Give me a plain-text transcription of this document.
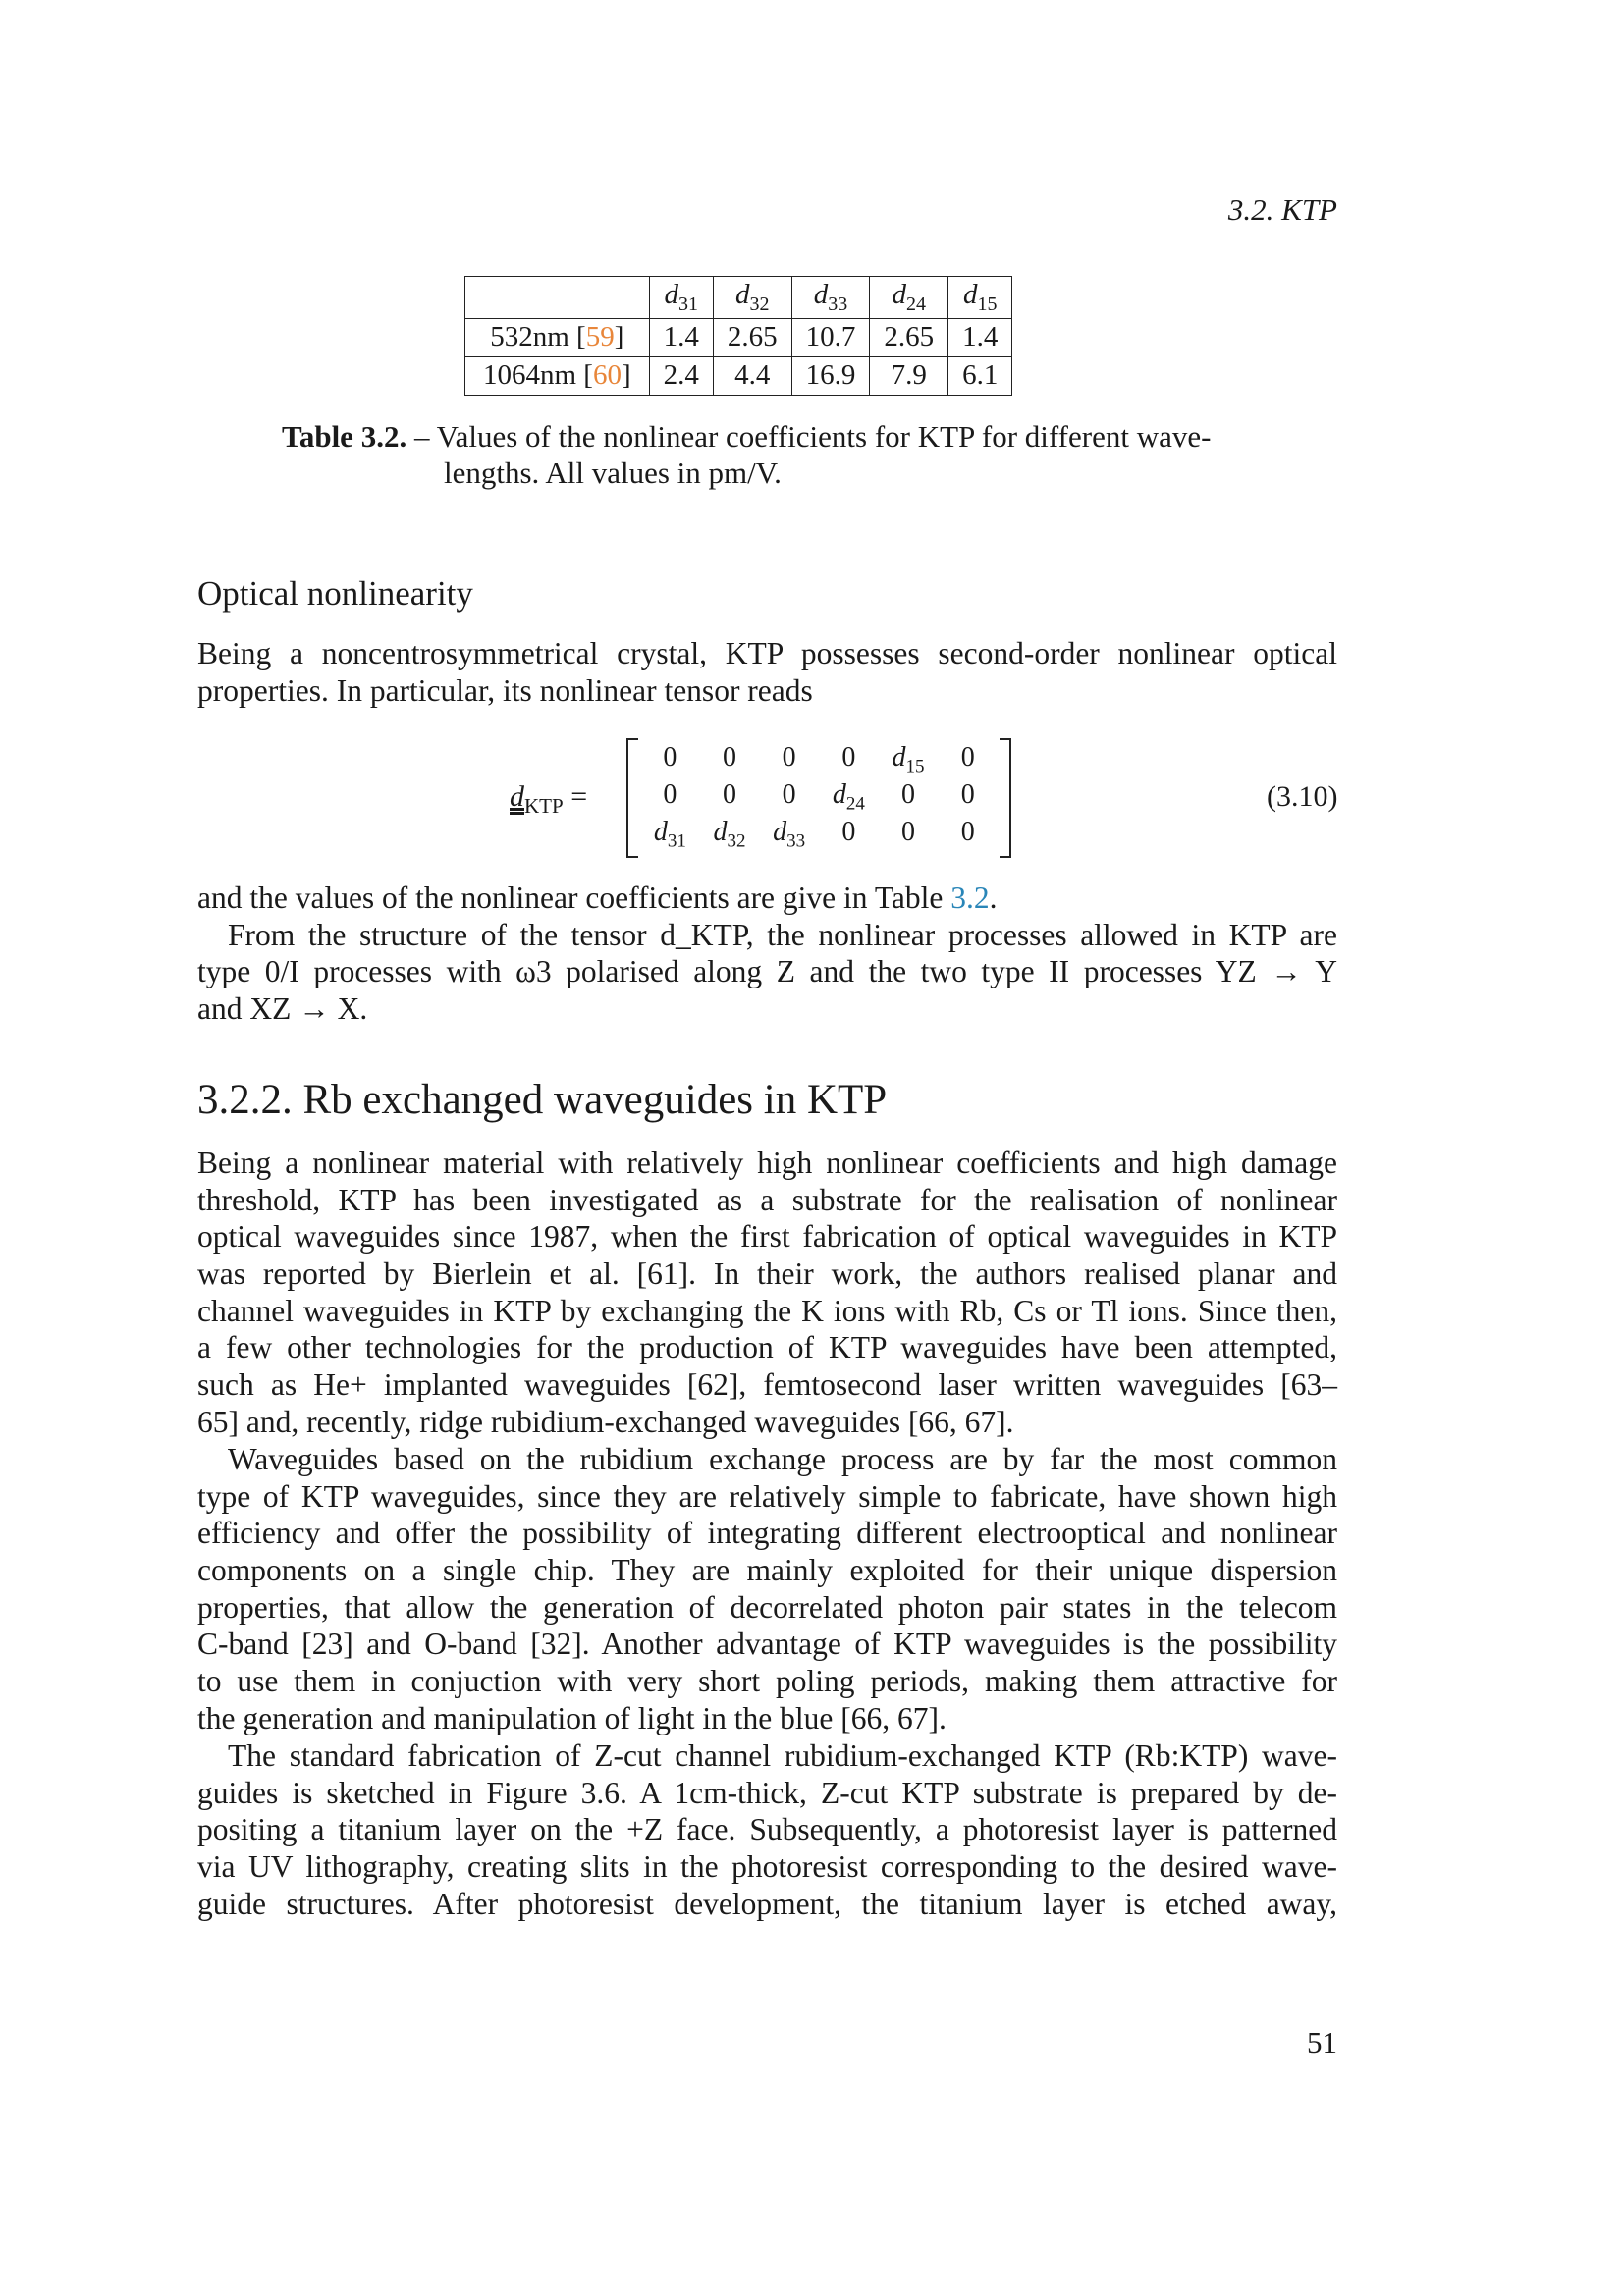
3.2. KTP
	$d_{31}$	$d_{32}$	$d_{33}$	$d_{24}$	$d_{15}$
532nm [59]	1.4	2.65	10.7	2.65	1.4
1064nm [60]	2.4	4.4	16.9	7.9	6.1
Table 3.2. – Values of the nonlinear coefficients for KTP for different wave-
lengths. All values in pm/V.
Optical nonlinearity
Being a noncentrosymmetrical crystal, KTP possesses second-order nonlinear optical
properties. In particular, its nonlinear tensor reads
$d_{KTP}$ =
0	0	0	0	$d_{15}$	0
0	0	0	$d_{24}$	0	0
$d_{31}$ $d_{32}$ $d_{33}$	0	0	0
(3.10)
and the values of the nonlinear coefficients are give in Table 3.2.
From the structure of the tensor d_KTP, the nonlinear processes allowed in KTP are
type 0/I processes with ω3 polarised along Z and the two type II processes YZ → Y
and XZ → X.
3.2.2. Rb exchanged waveguides in KTP
Being a nonlinear material with relatively high nonlinear coefficients and high damage
threshold, KTP has been investigated as a substrate for the realisation of nonlinear
optical waveguides since 1987, when the first fabrication of optical waveguides in KTP
was reported by Bierlein et al. [61]. In their work, the authors realised planar and
channel waveguides in KTP by exchanging the K ions with Rb, Cs or Tl ions. Since then,
a few other technologies for the production of KTP waveguides have been attempted,
such as He+ implanted waveguides [62], femtosecond laser written waveguides [63–
65] and, recently, ridge rubidium-exchanged waveguides [66, 67].
Waveguides based on the rubidium exchange process are by far the most common
type of KTP waveguides, since they are relatively simple to fabricate, have shown high
efficiency and offer the possibility of integrating different electrooptical and nonlinear
components on a single chip. They are mainly exploited for their unique dispersion
properties, that allow the generation of decorrelated photon pair states in the telecom
C-band [23] and O-band [32]. Another advantage of KTP waveguides is the possibility
to use them in conjuction with very short poling periods, making them attractive for
the generation and manipulation of light in the blue [66, 67].
The standard fabrication of Z-cut channel rubidium-exchanged KTP (Rb:KTP) wave-
guides is sketched in Figure 3.6. A 1cm-thick, Z-cut KTP substrate is prepared by de-
positing a titanium layer on the +Z face. Subsequently, a photoresist layer is patterned
via UV lithography, creating slits in the photoresist corresponding to the desired wave-
guide structures. After photoresist development, the titanium layer is etched away,
51
